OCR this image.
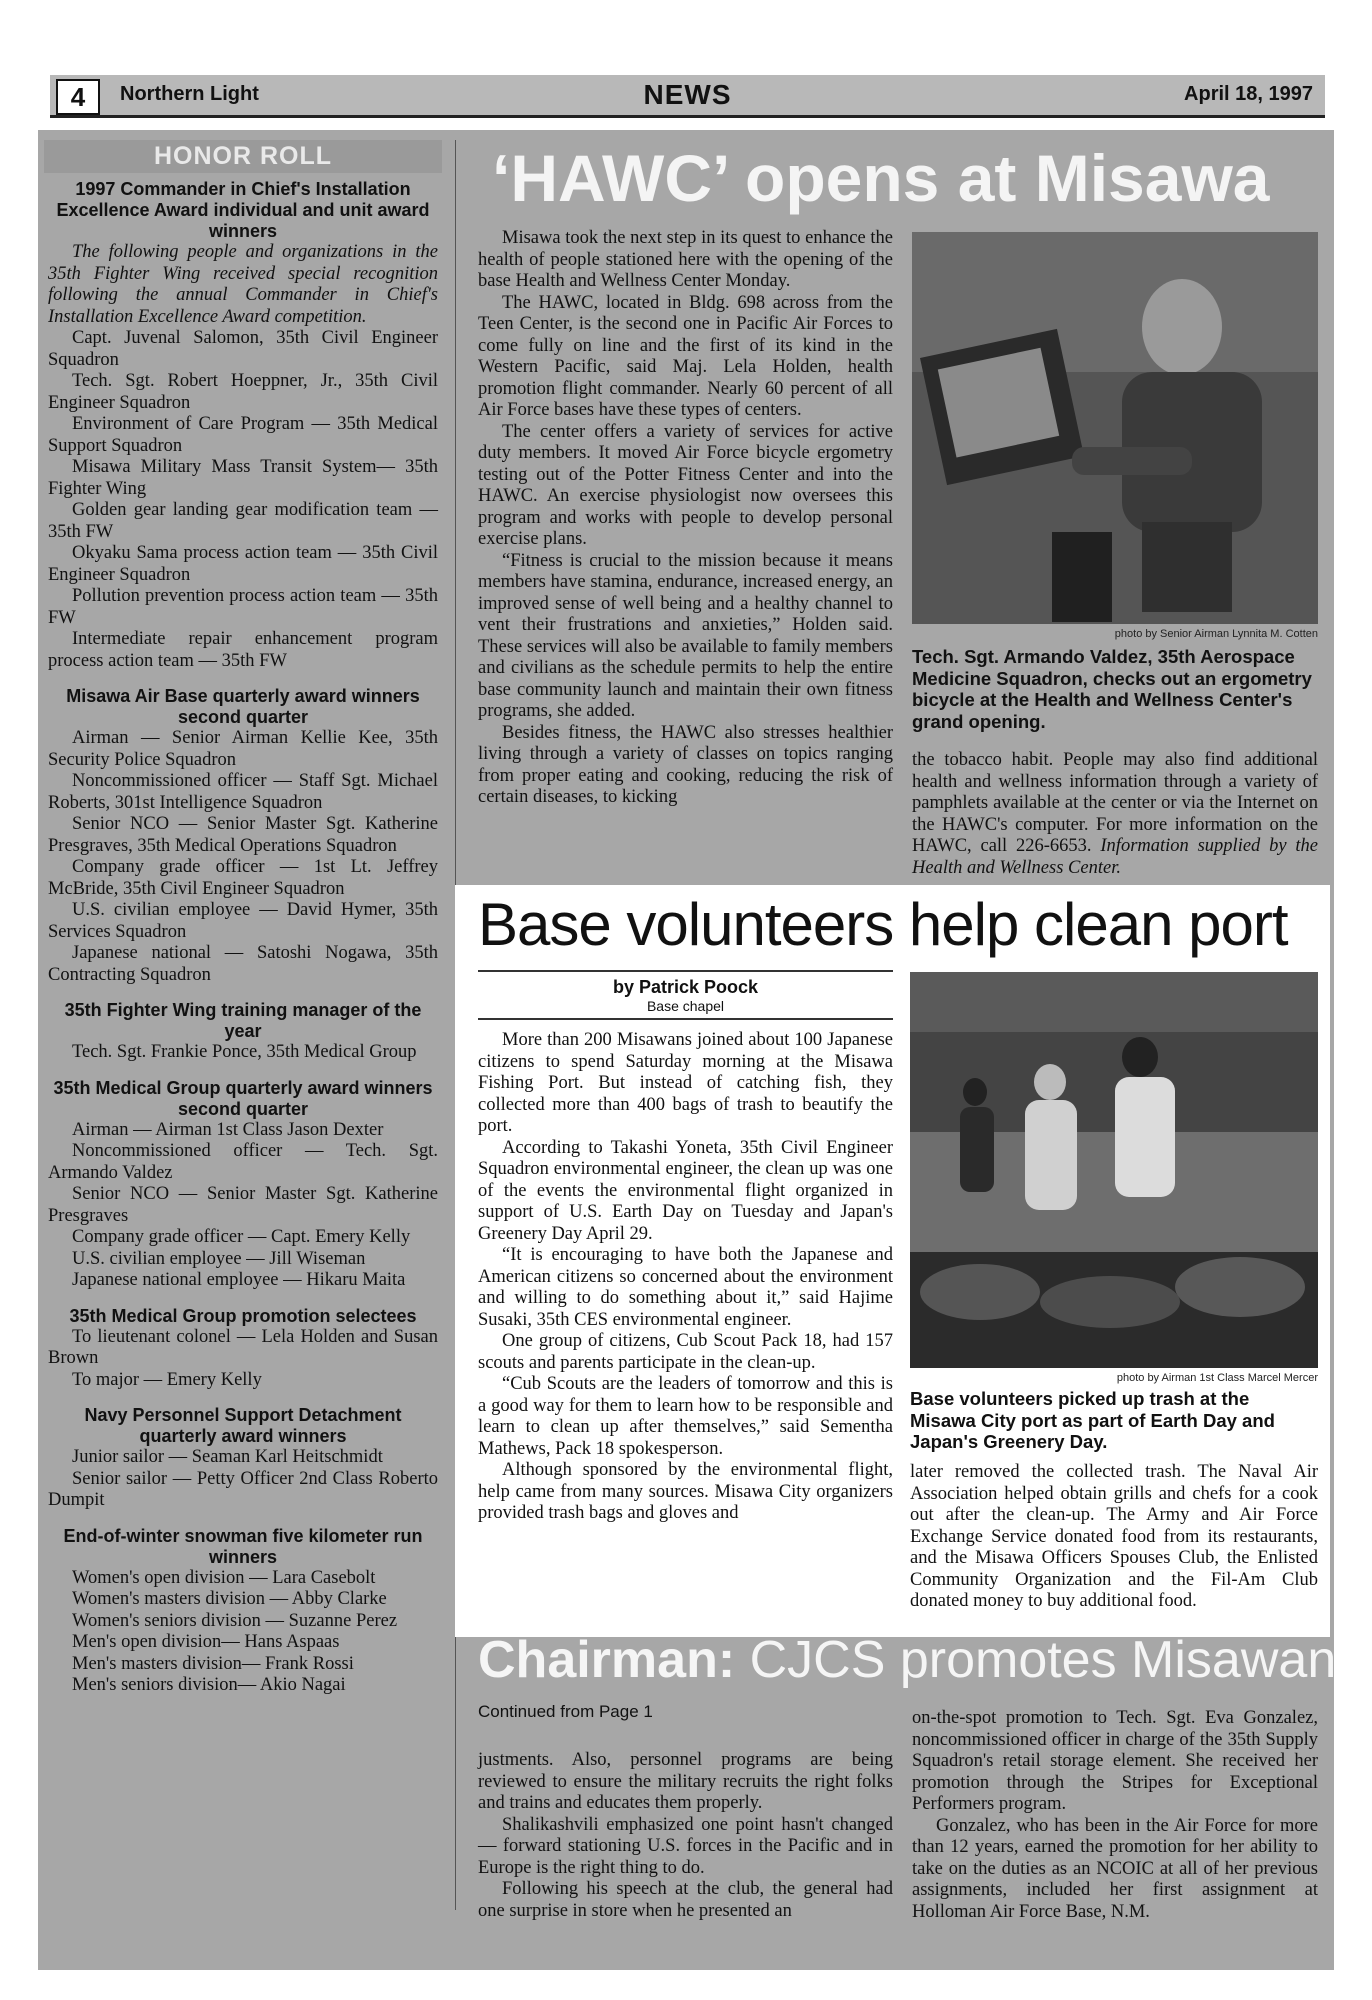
4	Northern Light	NEWS	April 18, 1997
HONOR ROLL
1997 Commander in Chief's Installation Excellence Award individual and unit award winners
The following people and organizations in the 35th Fighter Wing received special recognition following the annual Commander in Chief's Installation Excellence Award competition.
Capt. Juvenal Salomon, 35th Civil Engineer Squadron
Tech. Sgt. Robert Hoeppner, Jr., 35th Civil Engineer Squadron
Environment of Care Program — 35th Medical Support Squadron
Misawa Military Mass Transit System— 35th Fighter Wing
Golden gear landing gear modification team — 35th FW
Okyaku Sama process action team — 35th Civil Engineer Squadron
Pollution prevention process action team — 35th FW
Intermediate repair enhancement program process action team — 35th FW
Misawa Air Base quarterly award winners second quarter
Airman — Senior Airman Kellie Kee, 35th Security Police Squadron
Noncommissioned officer — Staff Sgt. Michael Roberts, 301st Intelligence Squadron
Senior NCO — Senior Master Sgt. Katherine Presgraves, 35th Medical Operations Squadron
Company grade officer — 1st Lt. Jeffrey McBride, 35th Civil Engineer Squadron
U.S. civilian employee — David Hymer, 35th Services Squadron
Japanese national — Satoshi Nogawa, 35th Contracting Squadron
35th Fighter Wing training manager of the year
Tech. Sgt. Frankie Ponce, 35th Medical Group
35th Medical Group quarterly award winners second quarter
Airman — Airman 1st Class Jason Dexter
Noncommissioned officer — Tech. Sgt. Armando Valdez
Senior NCO — Senior Master Sgt. Katherine Presgraves
Company grade officer — Capt. Emery Kelly
U.S. civilian employee — Jill Wiseman
Japanese national employee — Hikaru Maita
35th Medical Group promotion selectees
To lieutenant colonel — Lela Holden and Susan Brown
To major — Emery Kelly
Navy Personnel Support Detachment quarterly award winners
Junior sailor — Seaman Karl Heitschmidt
Senior sailor — Petty Officer 2nd Class Roberto Dumpit
End-of-winter snowman five kilometer run winners
Women's open division — Lara Casebolt
Women's masters division — Abby Clarke
Women's seniors division — Suzanne Perez
Men's open division— Hans Aspaas
Men's masters division— Frank Rossi
Men's seniors division— Akio Nagai
‘HAWC’ opens at Misawa

Misawa took the next step in its quest to enhance the health of people stationed here with the opening of the base Health and Wellness Center Monday.

The HAWC, located in Bldg. 698 across from the Teen Center, is the second one in Pacific Air Forces to come fully on line and the first of its kind in the Western Pacific, said Maj. Lela Holden, health promotion flight commander. Nearly 60 percent of all Air Force bases have these types of centers.

The center offers a variety of services for active duty members. It moved Air Force bicycle ergometry testing out of the Potter Fitness Center and into the HAWC. An exercise physiologist now oversees this program and works with people to develop personal exercise plans.

“Fitness is crucial to the mission because it means members have stamina, endurance, increased energy, an improved sense of well being and a healthy channel to vent their frustrations and anxieties,” Holden said. These services will also be available to family members and civilians as the schedule permits to help the entire base community launch and maintain their own fitness programs, she added.

Besides fitness, the HAWC also stresses healthier living through a variety of classes on topics ranging from proper eating and cooking, reducing the risk of certain diseases, to kicking

photo by Senior Airman Lynnita M. Cotten
Tech. Sgt. Armando Valdez, 35th Aerospace Medicine Squadron, checks out an ergometry bicycle at the Health and Wellness Center's grand opening.
the tobacco habit. People may also find additional health and wellness information through a variety of pamphlets available at the center or via the Internet on the HAWC's computer. For more information on the HAWC, call 226-6653. Information supplied by the Health and Wellness Center.
Base volunteers help clean port
by Patrick Poock
Base chapel

More than 200 Misawans joined about 100 Japanese citizens to spend Saturday morning at the Misawa Fishing Port. But instead of catching fish, they collected more than 400 bags of trash to beautify the port.

According to Takashi Yoneta, 35th Civil Engineer Squadron environmental engineer, the clean up was one of the events the environmental flight organized in support of U.S. Earth Day on Tuesday and Japan's Greenery Day April 29.

“It is encouraging to have both the Japanese and American citizens so concerned about the environment and willing to do something about it,” said Hajime Susaki, 35th CES environmental engineer.

One group of citizens, Cub Scout Pack 18, had 157 scouts and parents participate in the clean-up.

“Cub Scouts are the leaders of tomorrow and this is a good way for them to learn how to be responsible and learn to clean up after themselves,” said Sementha Mathews, Pack 18 spokesperson.

Although sponsored by the environmental flight, help came from many sources. Misawa City organizers provided trash bags and gloves and

photo by Airman 1st Class Marcel Mercer
Base volunteers picked up trash at the Misawa City port as part of Earth Day and Japan's Greenery Day.
later removed the collected trash. The Naval Air Association helped obtain grills and chefs for a cook out after the clean-up. The Army and Air Force Exchange Service donated food from its restaurants, and the Misawa Officers Spouses Club, the Enlisted Community Organization and the Fil-Am Club donated money to buy additional food.
Chairman: CJCS promotes Misawan
Continued from Page 1

justments. Also, personnel programs are being reviewed to ensure the military recruits the right folks and trains and educates them properly.

Shalikashvili emphasized one point hasn't changed — forward stationing U.S. forces in the Pacific and in Europe is the right thing to do.

Following his speech at the club, the general had one surprise in store when he presented an

on-the-spot promotion to Tech. Sgt. Eva Gonzalez, noncommissioned officer in charge of the 35th Supply Squadron's retail storage element. She received her promotion through the Stripes for Exceptional Performers program.

Gonzalez, who has been in the Air Force for more than 12 years, earned the promotion for her ability to take on the duties as an NCOIC at all of her previous assignments, included her first assignment at Holloman Air Force Base, N.M.
